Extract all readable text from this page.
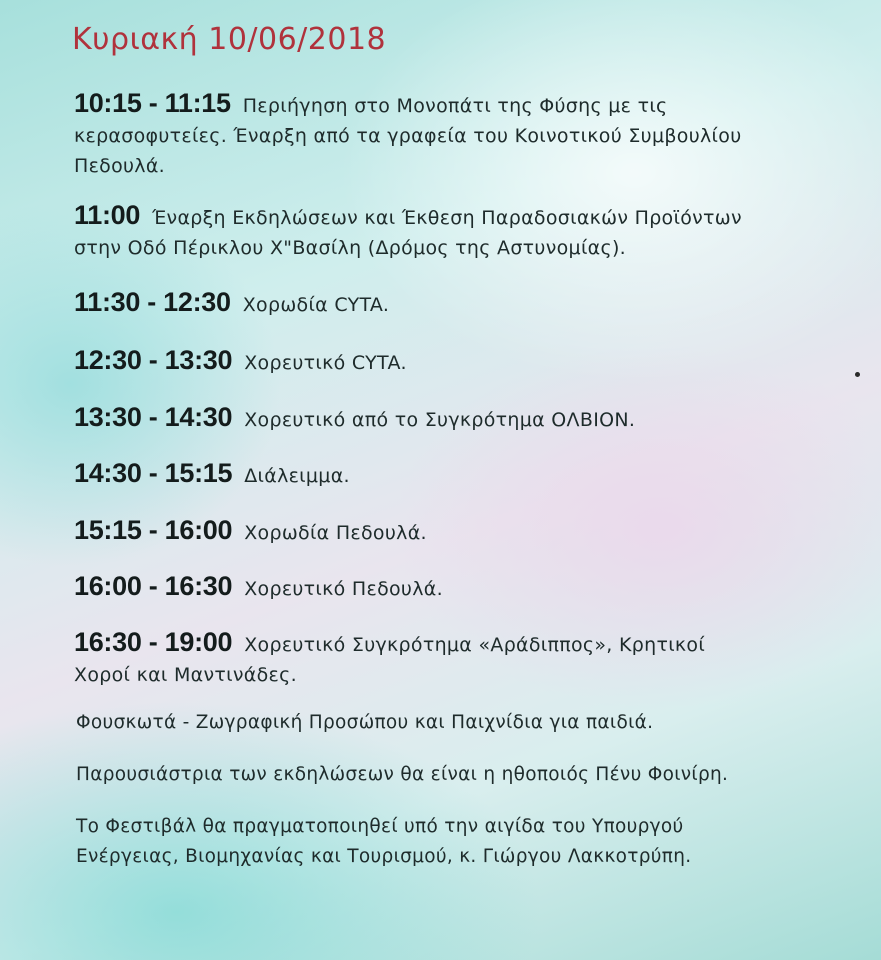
Κυριακή 10/06/2018
10:15 - 11:15 Περιήγηση στο Μονοπάτι της Φύσης με τις
κερασοφυτείες. Έναρξη από τα γραφεία του Κοινοτικού Συμβουλίου
Πεδουλά.
11:00 Έναρξη Εκδηλώσεων και Έκθεση Παραδοσιακών Προϊόντων
στην Οδό Πέρικλου Χ"Βασίλη (Δρόμος της Αστυνομίας).
11:30 - 12:30 Χορωδία CYTA.
12:30 - 13:30 Χορευτικό CYTA.
13:30 - 14:30 Χορευτικό από το Συγκρότημα ΟΛΒΙΟΝ.
14:30 - 15:15 Διάλειμμα.
15:15 - 16:00 Χορωδία Πεδουλά.
16:00 - 16:30 Χορευτικό Πεδουλά.
16:30 - 19:00 Χορευτικό Συγκρότημα «Αράδιππος», Κρητικοί
Χοροί και Μαντινάδες.
Φουσκωτά - Ζωγραφική Προσώπου και Παιχνίδια για παιδιά.
Παρουσιάστρια των εκδηλώσεων θα είναι η ηθοποιός Πένυ Φοινίρη.
Το Φεστιβάλ θα πραγματοποιηθεί υπό την αιγίδα του Υπουργού
Ενέργειας, Βιομηχανίας και Τουρισμού, κ. Γιώργου Λακκοτρύπη.
